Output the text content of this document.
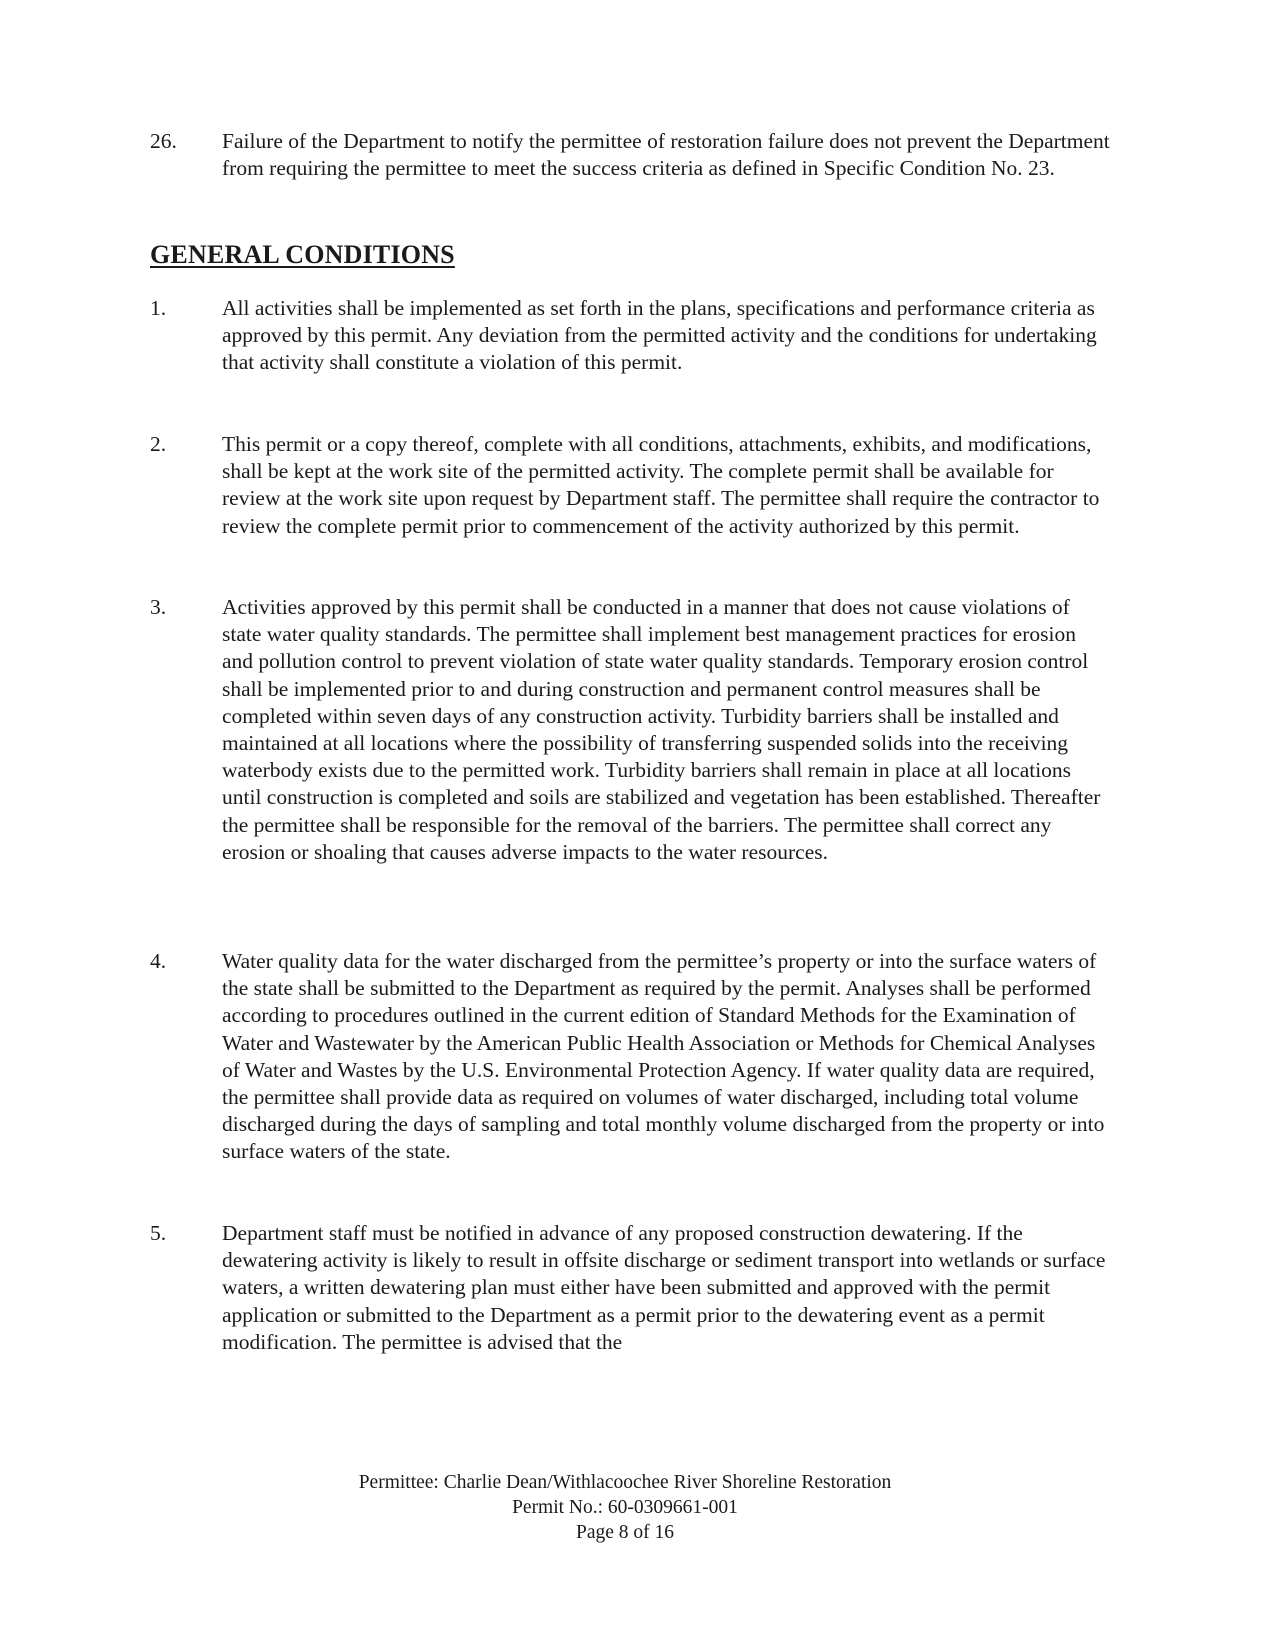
26.	Failure of the Department to notify the permittee of restoration failure does not prevent the Department from requiring the permittee to meet the success criteria as defined in Specific Condition No. 23.
GENERAL CONDITIONS
1.	All activities shall be implemented as set forth in the plans, specifications and performance criteria as approved by this permit. Any deviation from the permitted activity and the conditions for undertaking that activity shall constitute a violation of this permit.
2.	This permit or a copy thereof, complete with all conditions, attachments, exhibits, and modifications, shall be kept at the work site of the permitted activity. The complete permit shall be available for review at the work site upon request by Department staff. The permittee shall require the contractor to review the complete permit prior to commencement of the activity authorized by this permit.
3.	Activities approved by this permit shall be conducted in a manner that does not cause violations of state water quality standards. The permittee shall implement best management practices for erosion and pollution control to prevent violation of state water quality standards. Temporary erosion control shall be implemented prior to and during construction and permanent control measures shall be completed within seven days of any construction activity. Turbidity barriers shall be installed and maintained at all locations where the possibility of transferring suspended solids into the receiving waterbody exists due to the permitted work. Turbidity barriers shall remain in place at all locations until construction is completed and soils are stabilized and vegetation has been established. Thereafter the permittee shall be responsible for the removal of the barriers. The permittee shall correct any erosion or shoaling that causes adverse impacts to the water resources.
4.	Water quality data for the water discharged from the permittee’s property or into the surface waters of the state shall be submitted to the Department as required by the permit. Analyses shall be performed according to procedures outlined in the current edition of Standard Methods for the Examination of Water and Wastewater by the American Public Health Association or Methods for Chemical Analyses of Water and Wastes by the U.S. Environmental Protection Agency. If water quality data are required, the permittee shall provide data as required on volumes of water discharged, including total volume discharged during the days of sampling and total monthly volume discharged from the property or into surface waters of the state.
5.	Department staff must be notified in advance of any proposed construction dewatering. If the dewatering activity is likely to result in offsite discharge or sediment transport into wetlands or surface waters, a written dewatering plan must either have been submitted and approved with the permit application or submitted to the Department as a permit prior to the dewatering event as a permit modification. The permittee is advised that the
Permittee: Charlie Dean/Withlacoochee River Shoreline Restoration
Permit No.: 60-0309661-001
Page 8 of 16
